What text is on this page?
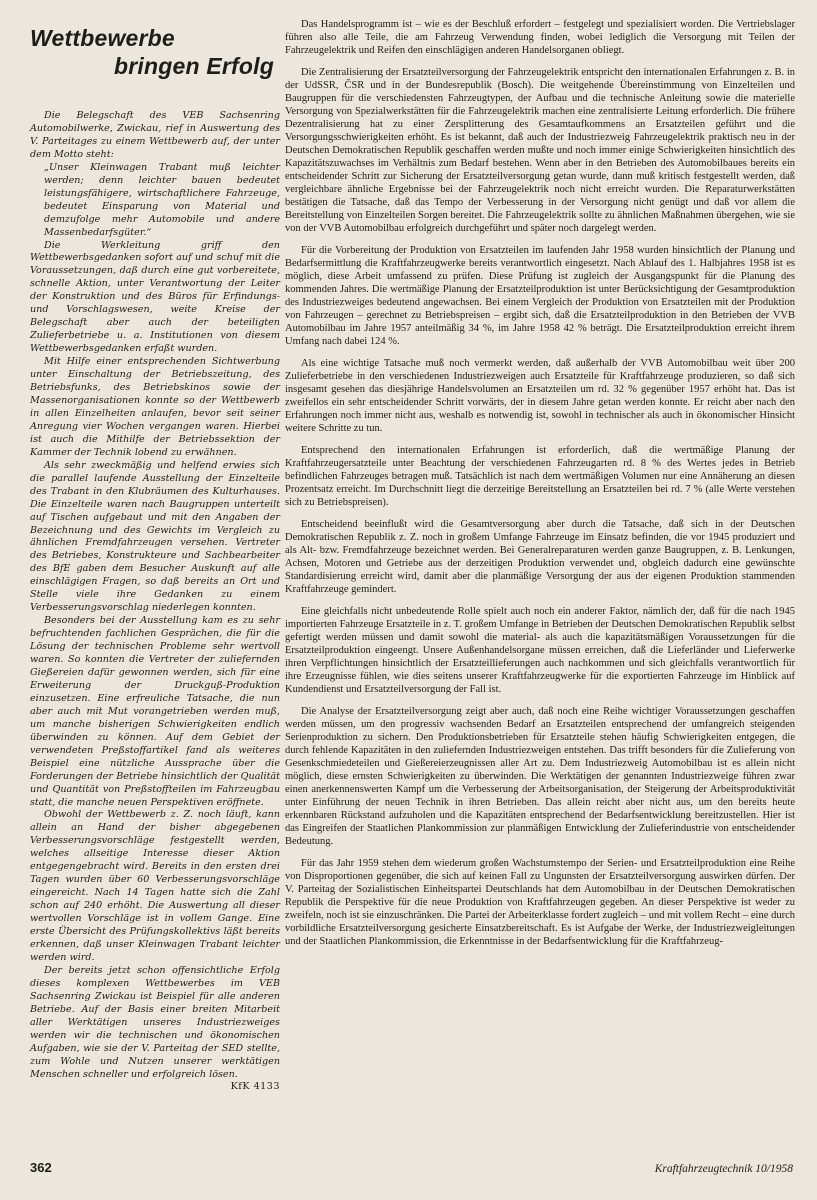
Wettbewerbe
bringen Erfolg

Die Belegschaft des VEB Sachsenring Automobilwerke, Zwickau, rief in Auswertung des V. Parteitages zu einem Wettbewerb auf, der unter dem Motto steht:

„Unser Kleinwagen Trabant muß leichter werden; denn leichter bauen bedeutet leistungsfähigere, wirtschaftlichere Fahrzeuge, bedeutet Einsparung von Material und demzufolge mehr Automobile und andere Massenbedarfsgüter.“

Die Werkleitung griff den Wettbewerbsgedanken sofort auf und schuf mit die Voraussetzungen, daß durch eine gut vorbereitete, schnelle Aktion, unter Verantwortung der Leiter der Konstruktion und des Büros für Erfindungs- und Vorschlagswesen, weite Kreise der Belegschaft aber auch der beteiligten Zulieferbetriebe u. a. Institutionen von diesem Wettbewerbsgedanken erfaßt wurden.

Mit Hilfe einer entsprechenden Sichtwerbung unter Einschaltung der Betriebszeitung, des Betriebsfunks, des Betriebskinos sowie der Massenorganisationen konnte so der Wettbewerb in allen Einzelheiten anlaufen, bevor seit seiner Anregung vier Wochen vergangen waren. Hierbei ist auch die Mithilfe der Betriebssektion der Kammer der Technik lobend zu erwähnen.

Als sehr zweckmäßig und helfend erwies sich die parallel laufende Ausstellung der Einzelteile des Trabant in den Klubräumen des Kulturhauses. Die Einzelteile waren nach Baugruppen unterteilt auf Tischen aufgebaut und mit den Angaben der Bezeichnung und des Gewichts im Vergleich zu ähnlichen Fremdfahrzeugen versehen. Vertreter des Betriebes, Konstrukteure und Sachbearbeiter des BfE gaben dem Besucher Auskunft auf alle einschlägigen Fragen, so daß bereits an Ort und Stelle viele ihre Gedanken zu einem Verbesserungsvorschlag niederlegen konnten.

Besonders bei der Ausstellung kam es zu sehr befruchtenden fachlichen Gesprächen, die für die Lösung der technischen Probleme sehr wertvoll waren. So konnten die Vertreter der zuliefernden Gießereien dafür gewonnen werden, sich für eine Erweiterung der Druckguß-Produktion einzusetzen. Eine erfreuliche Tatsache, die nun aber auch mit Mut vorangetrieben werden muß, um manche bisherigen Schwierigkeiten endlich überwinden zu können. Auf dem Gebiet der verwendeten Preßstoffartikel fand als weiteres Beispiel eine nützliche Aussprache über die Forderungen der Betriebe hinsichtlich der Qualität und Quantität von Preßstoffteilen im Fahrzeugbau statt, die manche neuen Perspektiven eröffnete.

Obwohl der Wettbewerb z. Z. noch läuft, kann allein an Hand der bisher abgegebenen Verbesserungsvorschläge festgestellt werden, welches allseitige Interesse dieser Aktion entgegengebracht wird. Bereits in den ersten drei Tagen wurden über 60 Verbesserungsvorschläge eingereicht. Nach 14 Tagen hatte sich die Zahl schon auf 240 erhöht. Die Auswertung all dieser wertvollen Vorschläge ist in vollem Gange. Eine erste Übersicht des Prüfungskollektivs läßt bereits erkennen, daß unser Kleinwagen Trabant leichter werden wird.

Der bereits jetzt schon offensichtliche Erfolg dieses komplexen Wettbewerbes im VEB Sachsenring Zwickau ist Beispiel für alle anderen Betriebe. Auf der Basis einer breiten Mitarbeit aller Werktätigen unseres Industriezweiges werden wir die technischen und ökonomischen Aufgaben, wie sie der V. Parteitag der SED stellte, zum Wohle und Nutzen unserer werktätigen Menschen schneller und erfolgreich lösen.

KfK 4133

Das Handelsprogramm ist – wie es der Beschluß erfordert – festgelegt und spezialisiert worden. Die Vertriebslager führen also alle Teile, die am Fahrzeug Verwendung finden, wobei lediglich die Versorgung mit Teilen der Fahrzeugelektrik und Reifen den einschlägigen anderen Handelsorganen obliegt.

Die Zentralisierung der Ersatzteilversorgung der Fahrzeugelektrik entspricht den internationalen Erfahrungen z. B. in der UdSSR, ČSR und in der Bundesrepublik (Bosch). Die weitgehende Übereinstimmung von Einzelteilen und Baugruppen für die verschiedensten Fahrzeugtypen, der Aufbau und die technische Anleitung sowie die materielle Versorgung von Spezialwerkstätten für die Fahrzeugelektrik machen eine zentralisierte Leitung erforderlich. Die frühere Dezentralisierung hat zu einer Zersplitterung des Gesamtaufkommens an Ersatzteilen geführt und die Versorgungsschwierigkeiten erhöht. Es ist bekannt, daß auch der Industriezweig Fahrzeugelektrik praktisch neu in der Deutschen Demokratischen Republik geschaffen werden mußte und noch immer einige Schwierigkeiten hinsichtlich des Kapazitätszuwachses im Verhältnis zum Bedarf bestehen. Wenn aber in den Betrieben des Automobilbaues bereits ein entscheidender Schritt zur Sicherung der Ersatzteilversorgung getan wurde, dann muß kritisch festgestellt werden, daß vergleichbare ähnliche Ergebnisse bei der Fahrzeugelektrik noch nicht erreicht wurden. Die Reparaturwerkstätten bestätigen die Tatsache, daß das Tempo der Verbesserung in der Versorgung nicht genügt und daß vor allem die Bereitstellung von Einzelteilen Sorgen bereitet. Die Fahrzeugelektrik sollte zu ähnlichen Maßnahmen übergehen, wie sie von der VVB Automobilbau erfolgreich durchgeführt und später noch dargelegt werden.

Für die Vorbereitung der Produktion von Ersatzteilen im laufenden Jahr 1958 wurden hinsichtlich der Planung und Bedarfsermittlung die Kraftfahrzeugwerke bereits verantwortlich eingesetzt. Nach Ablauf des 1. Halbjahres 1958 ist es möglich, diese Arbeit umfassend zu prüfen. Diese Prüfung ist zugleich der Ausgangspunkt für die Planung des kommenden Jahres. Die wertmäßige Planung der Ersatzteilproduktion ist unter Berücksichtigung der Gesamtproduktion des Industriezweiges bedeutend angewachsen. Bei einem Vergleich der Produktion von Ersatzteilen mit der Produktion von Fahrzeugen – gerechnet zu Betriebspreisen – ergibt sich, daß die Ersatzteilproduktion in den Betrieben der VVB Automobilbau im Jahre 1957 anteilmäßig 34 %, im Jahre 1958 42 % beträgt. Die Ersatzteilproduktion erreicht ihrem Umfang nach dabei 124 %.

Als eine wichtige Tatsache muß noch vermerkt werden, daß außerhalb der VVB Automobilbau weit über 200 Zulieferbetriebe in den verschiedenen Industriezweigen auch Ersatzteile für Kraftfahrzeuge produzieren, so daß sich insgesamt gesehen das diesjährige Handelsvolumen an Ersatzteilen um rd. 32 % gegenüber 1957 erhöht hat. Das ist zweifellos ein sehr entscheidender Schritt vorwärts, der in diesem Jahre getan werden konnte. Er reicht aber nach den Erfahrungen noch immer nicht aus, weshalb es notwendig ist, sowohl in technischer als auch in ökonomischer Hinsicht weitere Schritte zu tun.

Entsprechend den internationalen Erfahrungen ist erforderlich, daß die wertmäßige Planung der Kraftfahrzeugersatzteile unter Beachtung der verschiedenen Fahrzeugarten rd. 8 % des Wertes jedes in Betrieb befindlichen Fahrzeuges betragen muß. Tatsächlich ist nach dem wertmäßigen Volumen nur eine Annäherung an diesen Prozentsatz erreicht. Im Durchschnitt liegt die derzeitige Bereitstellung an Ersatzteilen bei rd. 7 % (alle Werte verstehen sich zu Betriebspreisen).

Entscheidend beeinflußt wird die Gesamtversorgung aber durch die Tatsache, daß sich in der Deutschen Demokratischen Republik z. Z. noch in großem Umfange Fahrzeuge im Einsatz befinden, die vor 1945 produziert und als Alt- bzw. Fremdfahrzeuge bezeichnet werden. Bei Generalreparaturen werden ganze Baugruppen, z. B. Lenkungen, Achsen, Motoren und Getriebe aus der derzeitigen Produktion verwendet und, obgleich dadurch eine gewünschte Standardisierung erreicht wird, damit aber die planmäßige Versorgung der aus der eigenen Produktion stammenden Kraftfahrzeuge gemindert.

Eine gleichfalls nicht unbedeutende Rolle spielt auch noch ein anderer Faktor, nämlich der, daß für die nach 1945 importierten Fahrzeuge Ersatzteile in z. T. großem Umfange in Betrieben der Deutschen Demokratischen Republik selbst gefertigt werden müssen und damit sowohl die material- als auch die kapazitätsmäßigen Voraussetzungen für die Ersatzteilproduktion eingeengt. Unsere Außenhandelsorgane müssen erreichen, daß die Lieferländer und Lieferwerke ihren Verpflichtungen hinsichtlich der Ersatzteillieferungen auch nachkommen und sich gleichfalls verantwortlich für ihre Erzeugnisse fühlen, wie dies seitens unserer Kraftfahrzeugwerke für die exportierten Fahrzeuge im Hinblick auf Kundendienst und Ersatzteilversorgung der Fall ist.

Die Analyse der Ersatzteilversorgung zeigt aber auch, daß noch eine Reihe wichtiger Voraussetzungen geschaffen werden müssen, um den progressiv wachsenden Bedarf an Ersatzteilen entsprechend der umfangreich steigenden Serienproduktion zu sichern. Den Produktionsbetrieben für Ersatzteile stehen häufig Schwierigkeiten entgegen, die durch fehlende Kapazitäten in den zuliefernden Industriezweigen entstehen. Das trifft besonders für die Zulieferung von Gesenkschmiedeteilen und Gießereierzeugnissen aller Art zu. Dem Industriezweig Automobilbau ist es allein nicht möglich, diese ernsten Schwierigkeiten zu überwinden. Die Werktätigen der genannten Industriezweige führen zwar einen anerkennenswerten Kampf um die Verbesserung der Arbeitsorganisation, der Steigerung der Arbeitsproduktivität unter Einführung der neuen Technik in ihren Betrieben. Das allein reicht aber nicht aus, um den bereits heute erkennbaren Rückstand aufzuholen und die Kapazitäten entsprechend der Bedarfsentwicklung bereitzustellen. Hier ist das Eingreifen der Staatlichen Plankommission zur planmäßigen Entwicklung der Zulieferindustrie von entscheidender Bedeutung.

Für das Jahr 1959 stehen dem wiederum großen Wachstumstempo der Serien- und Ersatzteilproduktion eine Reihe von Disproportionen gegenüber, die sich auf keinen Fall zu Ungunsten der Ersatzteilversorgung auswirken dürfen. Der V. Parteitag der Sozialistischen Einheitspartei Deutschlands hat dem Automobilbau in der Deutschen Demokratischen Republik die Perspektive für die neue Produktion von Kraftfahrzeugen gegeben. An dieser Perspektive ist weder zu zweifeln, noch ist sie einzuschränken. Die Partei der Arbeiterklasse fordert zugleich – und mit vollem Recht – eine durch vorbildliche Ersatzteilversorgung gesicherte Einsatzbereitschaft. Es ist Aufgabe der Werke, der Industriezweigleitungen und der Staatlichen Plankommission, die Erkenntnisse in der Bedarfsentwicklung für die Kraftfahrzeug-

362	Kraftfahrzeugtechnik 10/1958
